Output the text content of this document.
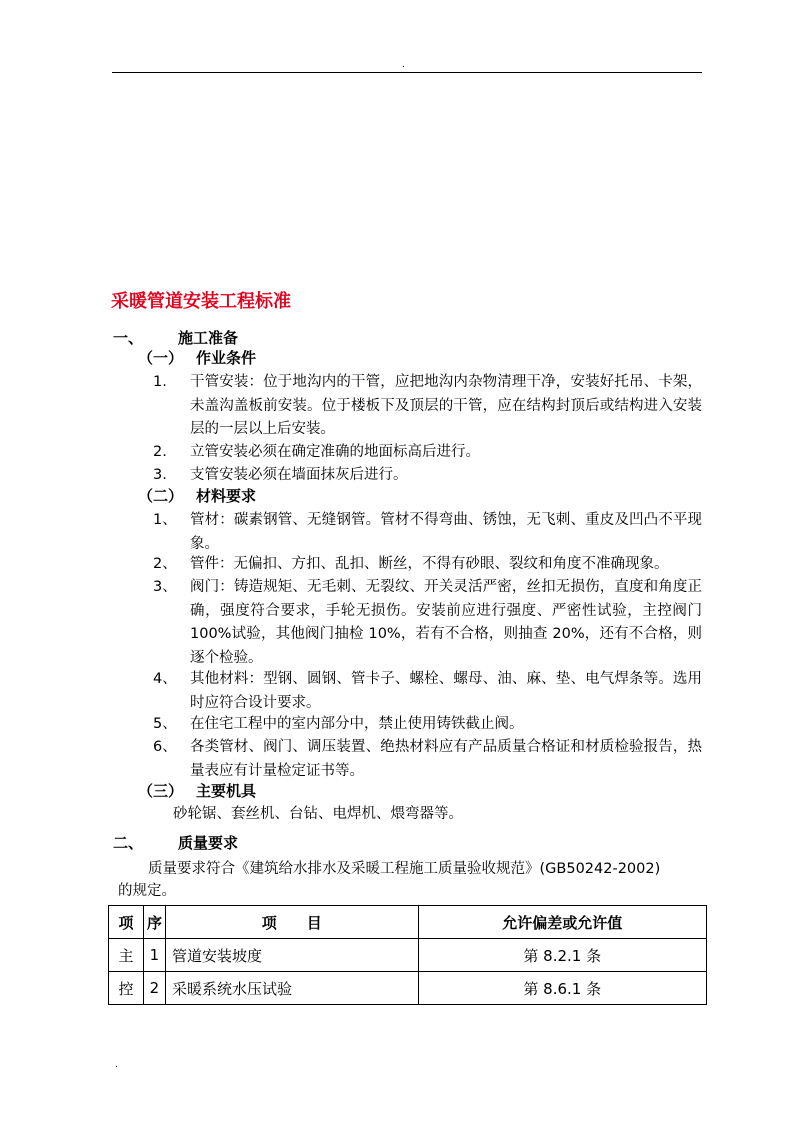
.
采暖管道安装工程标准
一、 施工准备
（一） 作业条件
1. 干管安装：位于地沟内的干管，应把地沟内杂物清理干净，安装好托吊、卡架，未盖沟盖板前安装。位于楼板下及顶层的干管，应在结构封顶后或结构进入安装层的一层以上后安装。
2. 立管安装必须在确定准确的地面标高后进行。
3. 支管安装必须在墙面抹灰后进行。
（二） 材料要求
1、 管材：碳素钢管、无缝钢管。管材不得弯曲、锈蚀，无飞刺、重皮及凹凸不平现象。
2、 管件：无偏扣、方扣、乱扣、断丝，不得有砂眼、裂纹和角度不准确现象。
3、 阀门：铸造规矩、无毛刺、无裂纹、开关灵活严密，丝扣无损伤，直度和角度正确，强度符合要求，手轮无损伤。安装前应进行强度、严密性试验，主控阀门 100%试验，其他阀门抽检 10%，若有不合格，则抽查 20%，还有不合格，则逐个检验。
4、 其他材料：型钢、圆钢、管卡子、螺栓、螺母、油、麻、垫、电气焊条等。选用时应符合设计要求。
5、 在住宅工程中的室内部分中，禁止使用铸铁截止阀。
6、 各类管材、阀门、调压装置、绝热材料应有产品质量合格证和材质检验报告，热量表应有计量检定证书等。
（三） 主要机具
砂轮锯、套丝机、台钻、电焊机、煨弯器等。
二、 质量要求
质量要求符合《建筑给水排水及采暖工程施工质量验收规范》(GB50242-2002)
的规定。
项	序	项　　目	允许偏差或允许值
主	1	管道安装坡度	第 8.2.1 条
控	2	采暖系统水压试验	第 8.6.1 条
.
